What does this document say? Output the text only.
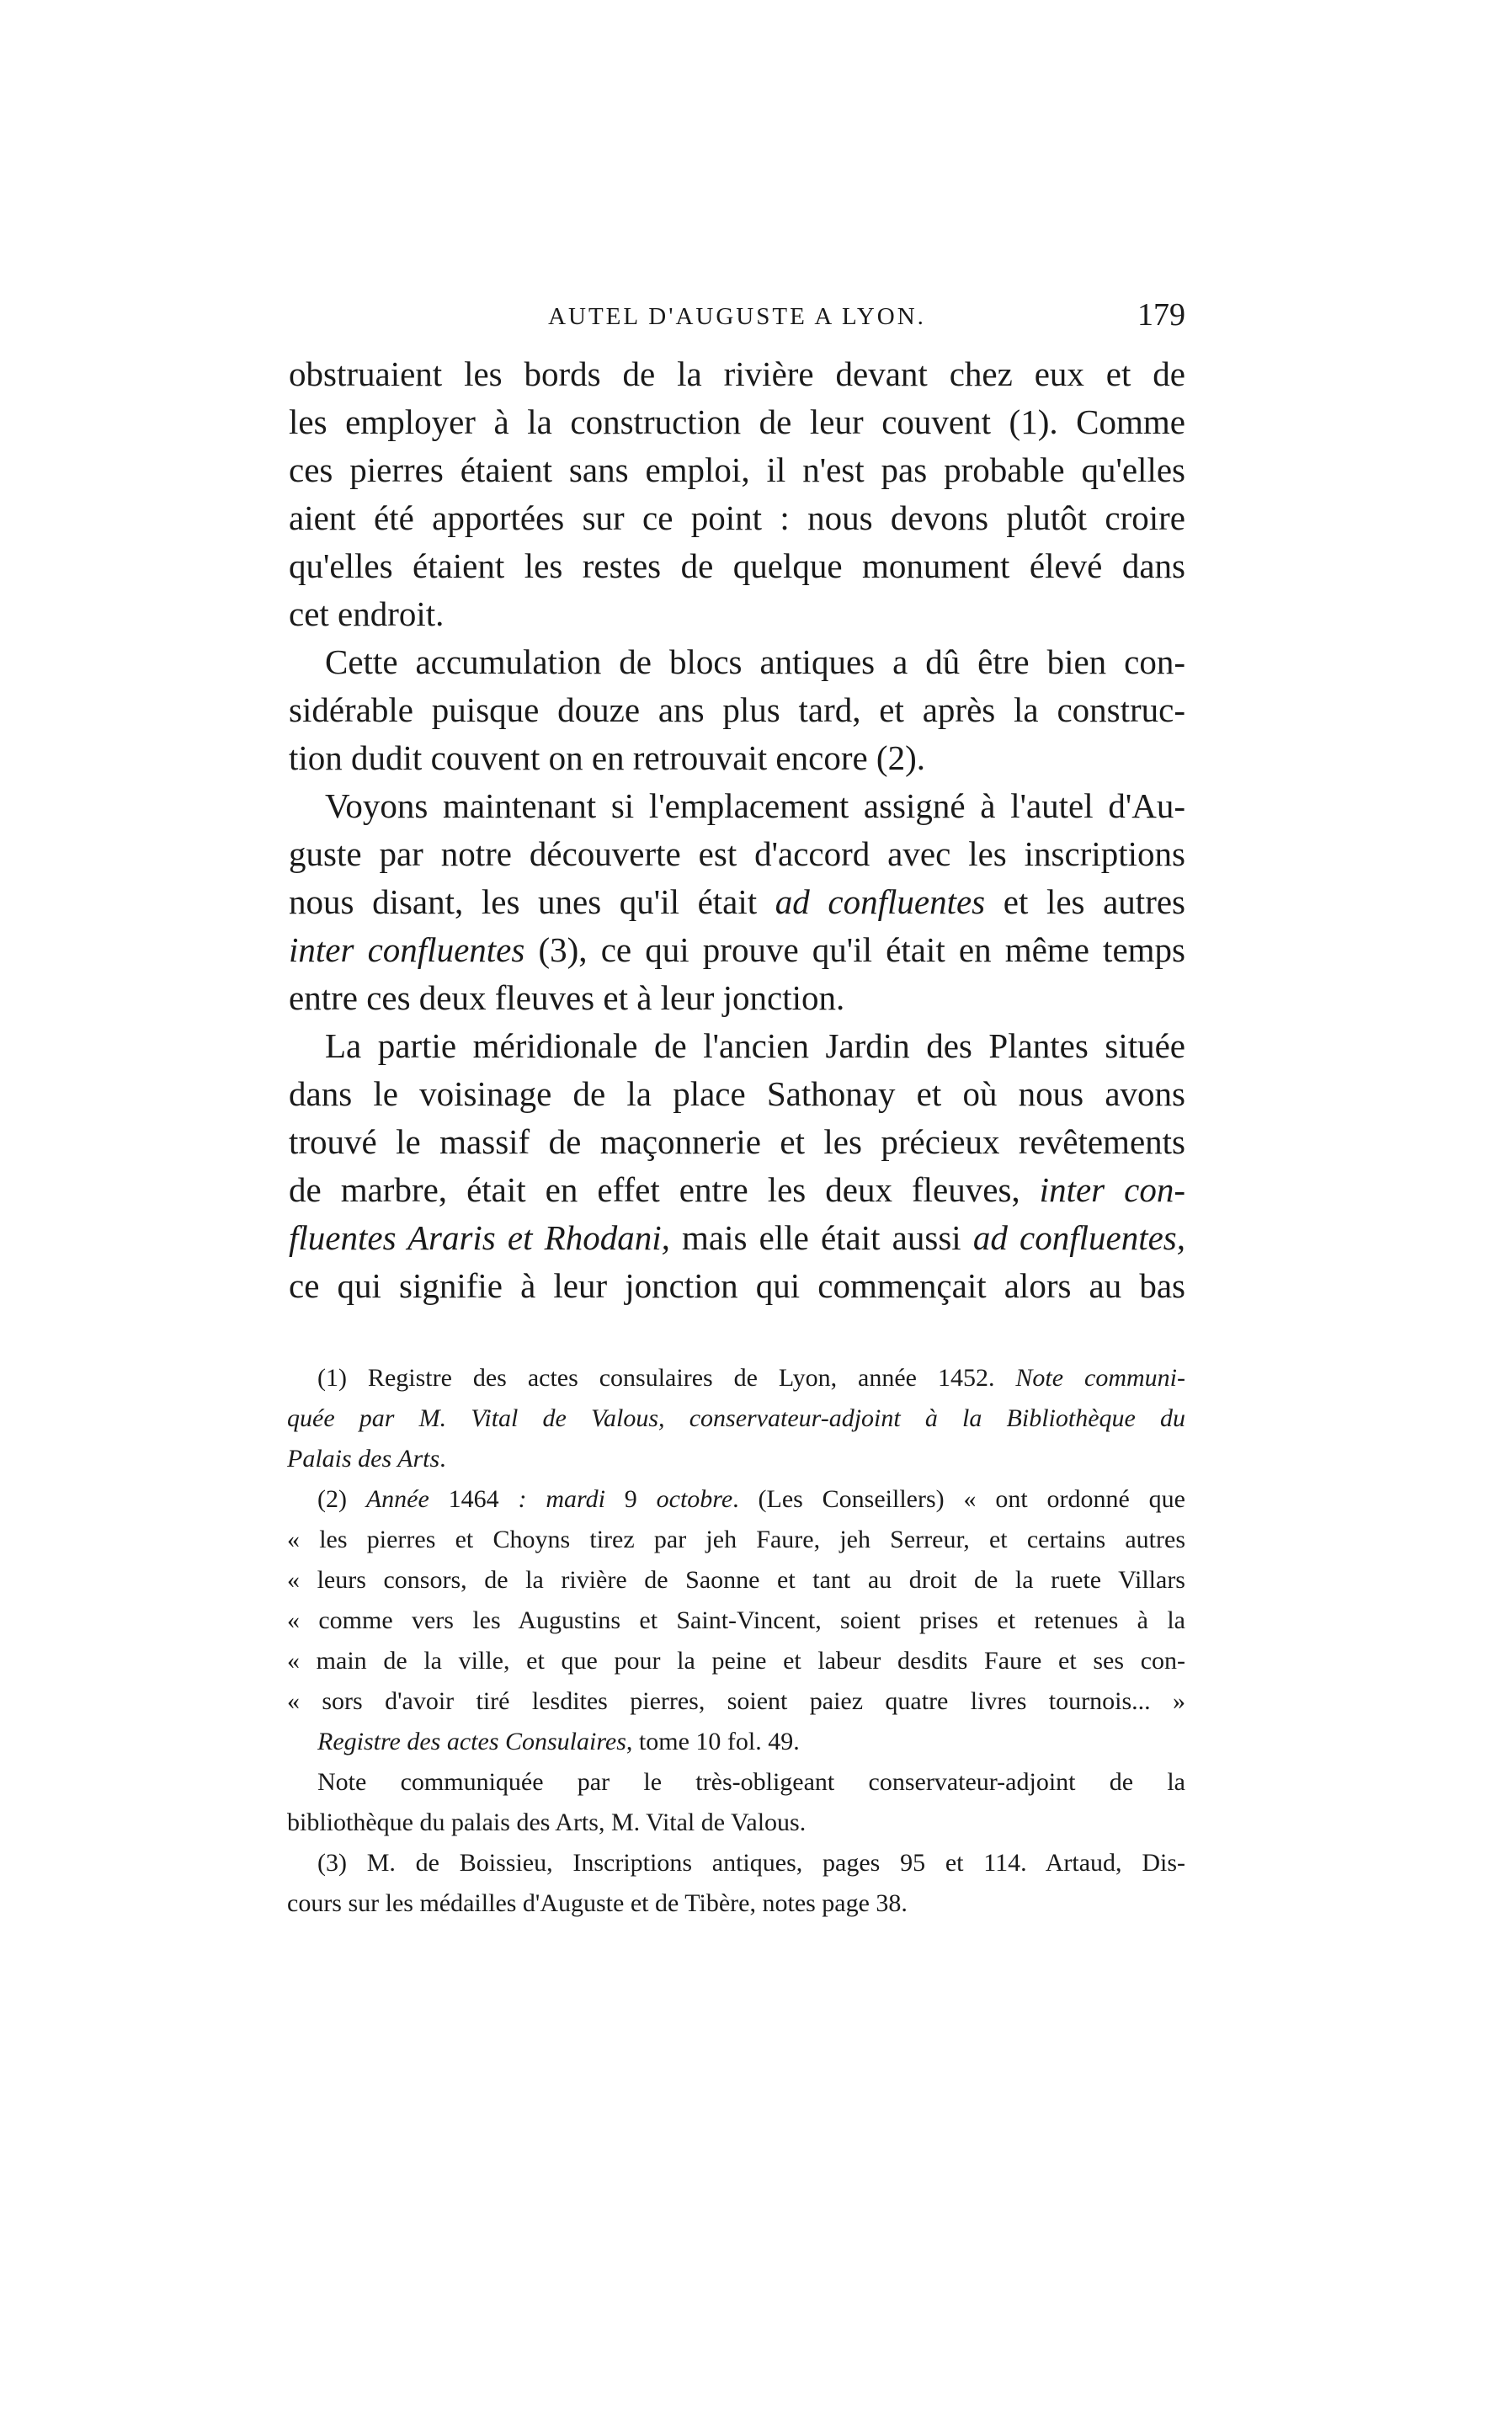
AUTEL D'AUGUSTE A LYON.	179
obstruaient les bords de la rivière devant chez eux et de
les employer à la construction de leur couvent (1). Comme
ces pierres étaient sans emploi, il n'est pas probable qu'elles
aient été apportées sur ce point : nous devons plutôt croire
qu'elles étaient les restes de quelque monument élevé dans
cet endroit.
Cette accumulation de blocs antiques a dû être bien con-
sidérable puisque douze ans plus tard, et après la construc-
tion dudit couvent on en retrouvait encore (2).
Voyons maintenant si l'emplacement assigné à l'autel d'Au-
guste par notre découverte est d'accord avec les inscriptions
nous disant, les unes qu'il était ad confluentes et les autres
inter confluentes (3), ce qui prouve qu'il était en même temps
entre ces deux fleuves et à leur jonction.
La partie méridionale de l'ancien Jardin des Plantes située
dans le voisinage de la place Sathonay et où nous avons
trouvé le massif de maçonnerie et les précieux revêtements
de marbre, était en effet entre les deux fleuves, inter con-
fluentes Araris et Rhodani, mais elle était aussi ad confluentes,
ce qui signifie à leur jonction qui commençait alors au bas
(1) Registre des actes consulaires de Lyon, année 1452. Note communi-
quée par M. Vital de Valous, conservateur-adjoint à la Bibliothèque du
Palais des Arts.
(2) Année 1464 : mardi 9 octobre. (Les Conseillers) « ont ordonné que
« les pierres et Choyns tirez par jeh Faure, jeh Serreur, et certains autres
« leurs consors, de la rivière de Saonne et tant au droit de la ruete Villars
« comme vers les Augustins et Saint-Vincent, soient prises et retenues à la
« main de la ville, et que pour la peine et labeur desdits Faure et ses con-
« sors d'avoir tiré lesdites pierres, soient paiez quatre livres tournois... »
Registre des actes Consulaires, tome 10 fol. 49.
Note communiquée par le très-obligeant conservateur-adjoint de la
bibliothèque du palais des Arts, M. Vital de Valous.
(3) M. de Boissieu, Inscriptions antiques, pages 95 et 114. Artaud, Dis-
cours sur les médailles d'Auguste et de Tibère, notes page 38.
